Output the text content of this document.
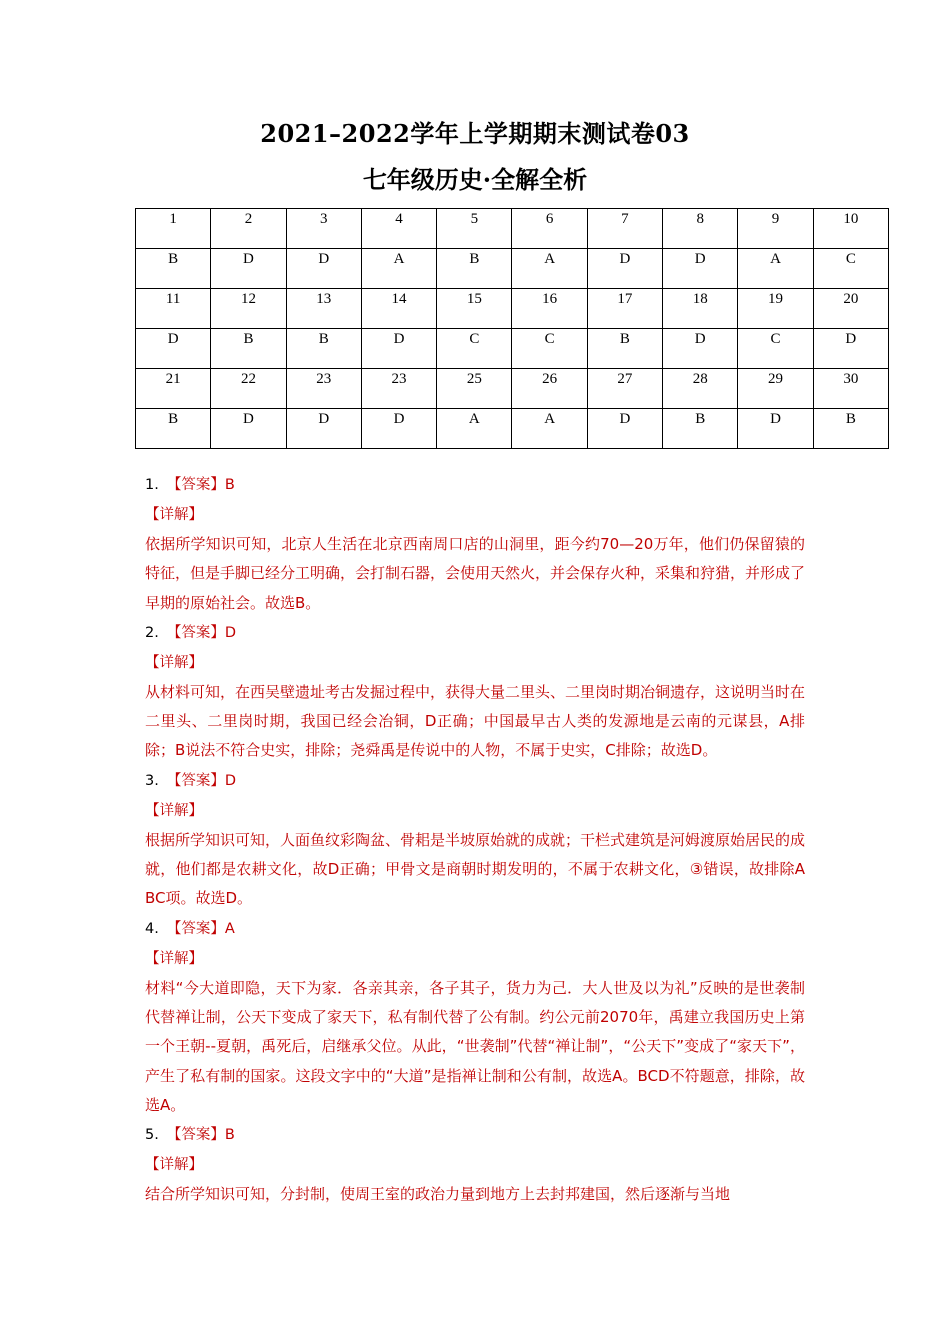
2021–2022学年上学期期末测试卷03
七年级历史·全解全析
1	2	3	4	5	6	7	8	9	10
B	D	D	A	B	A	D	D	A	C
11	12	13	14	15	16	17	18	19	20
D	B	B	D	C	C	B	D	C	D
21	22	23	23	25	26	27	28	29	30
B	D	D	D	A	A	D	B	D	B
1. 【答案】B
【详解】
依据所学知识可知，北京人生活在北京西南周口店的山洞里，距今约70—20万年，他们仍保留猿的特征，但是手脚已经分工明确，会打制石器，会使用天然火，并会保存火种，采集和狩猎，并形成了早期的原始社会。故选B。
2. 【答案】D
【详解】
从材料可知，在西吴壁遗址考古发掘过程中，获得大量二里头、二里岗时期冶铜遗存，这说明当时在二里头、二里岗时期，我国已经会冶铜，D正确；中国最早古人类的发源地是云南的元谋县，A排除；B说法不符合史实，排除；尧舜禹是传说中的人物，不属于史实，C排除；故选D。
3. 【答案】D
【详解】
根据所学知识可知，人面鱼纹彩陶盆、骨耜是半坡原始就的成就；干栏式建筑是河姆渡原始居民的成就，他们都是农耕文化，故D正确；甲骨文是商朝时期发明的，不属于农耕文化，③错误，故排除ABC项。故选D。
4. 【答案】A
【详解】
材料“今大道即隐，天下为家．各亲其亲，各子其子，货力为己．大人世及以为礼”反映的是世袭制代替禅让制，公天下变成了家天下，私有制代替了公有制。约公元前2070年，禹建立我国历史上第一个王朝--夏朝，禹死后，启继承父位。从此，“世袭制”代替“禅让制”，“公天下”变成了“家天下”，产生了私有制的国家。这段文字中的“大道”是指禅让制和公有制，故选A。BCD不符题意，排除，故选A。
5. 【答案】B
【详解】
结合所学知识可知，分封制，使周王室的政治力量到地方上去封邦建国，然后逐渐与当地
